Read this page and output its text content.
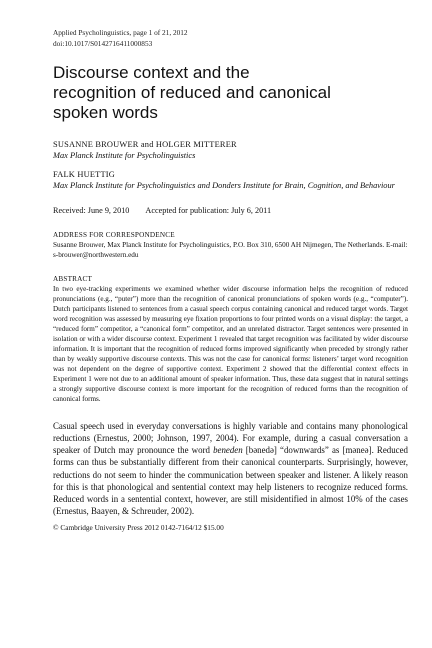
Applied Psycholinguistics, page 1 of 21, 2012
doi:10.1017/S0142716411000853
Discourse context and the recognition of reduced and canonical spoken words
SUSANNE BROUWER and HOLGER MITTERER
Max Planck Institute for Psycholinguistics
FALK HUETTIG
Max Planck Institute for Psycholinguistics and Donders Institute for Brain, Cognition, and Behaviour
Received: June 9, 2010 Accepted for publication: July 6, 2011
ADDRESS FOR CORRESPONDENCE
Susanne Brouwer, Max Planck Institute for Psycholinguistics, P.O. Box 310, 6500 AH Nijmegen, The Netherlands. E-mail: s-brouwer@northwestern.edu
ABSTRACT
In two eye-tracking experiments we examined whether wider discourse information helps the recognition of reduced pronunciations (e.g., “puter”) more than the recognition of canonical pronunciations of spoken words (e.g., “computer”). Dutch participants listened to sentences from a casual speech corpus containing canonical and reduced target words. Target word recognition was assessed by measuring eye fixation proportions to four printed words on a visual display: the target, a “reduced form” competitor, a “canonical form” competitor, and an unrelated distractor. Target sentences were presented in isolation or with a wider discourse context. Experiment 1 revealed that target recognition was facilitated by wider discourse information. It is important that the recognition of reduced forms improved significantly when preceded by strongly rather than by weakly supportive discourse contexts. This was not the case for canonical forms: listeners’ target word recognition was not dependent on the degree of supportive context. Experiment 2 showed that the differential context effects in Experiment 1 were not due to an additional amount of speaker information. Thus, these data suggest that in natural settings a strongly supportive discourse context is more important for the recognition of reduced forms than the recognition of canonical forms.
Casual speech used in everyday conversations is highly variable and contains many phonological reductions (Ernestus, 2000; Johnson, 1997, 2004). For example, during a casual conversation a speaker of Dutch may pronounce the word beneden [bənedə] “downwards” as [məneə]. Reduced forms can thus be substantially different from their canonical counterparts. Surprisingly, however, reductions do not seem to hinder the communication between speaker and listener. A likely reason for this is that phonological and sentential context may help listeners to recognize reduced forms. Reduced words in a sentential context, however, are still misidentified in almost 10% of the cases (Ernestus, Baayen, & Schreuder, 2002).
© Cambridge University Press 2012 0142-7164/12 $15.00
